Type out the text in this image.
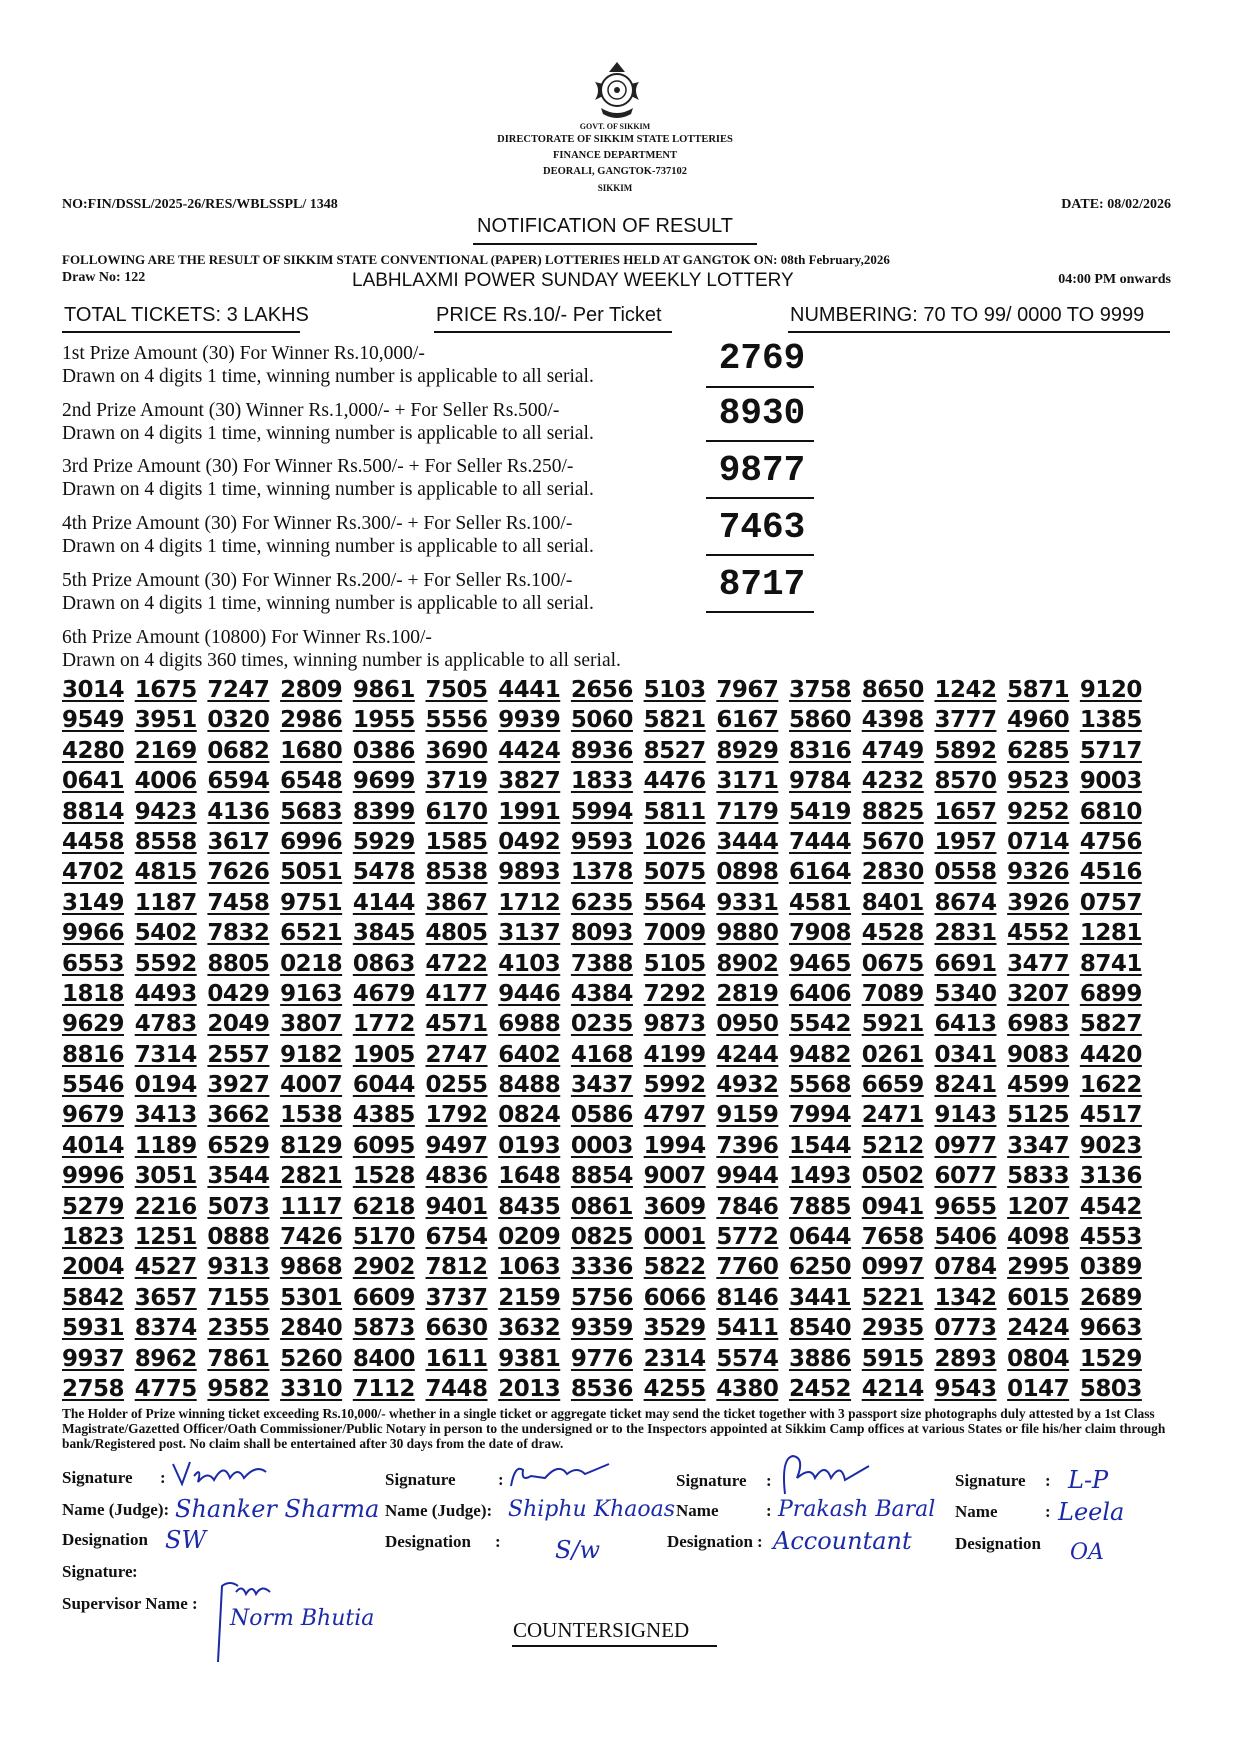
GOVT. OF SIKKIM
DIRECTORATE OF SIKKIM STATE LOTTERIES
FINANCE DEPARTMENT
DEORALI, GANGTOK-737102
SIKKIM
NO:FIN/DSSL/2025-26/RES/WBLSSPL/ 1348	DATE: 08/02/2026
NOTIFICATION OF RESULT
FOLLOWING ARE THE RESULT OF SIKKIM STATE CONVENTIONAL (PAPER) LOTTERIES HELD AT GANGTOK ON: 08th February,2026
Draw No: 122	LABHLAXMI POWER SUNDAY WEEKLY LOTTERY	04:00 PM onwards
TOTAL TICKETS: 3 LAKHS	PRICE Rs.10/- Per Ticket	NUMBERING: 70 TO 99/ 0000 TO 9999
1st Prize Amount (30) For Winner Rs.10,000/-
Drawn on 4 digits 1 time, winning number is applicable to all serial.	2769
2nd Prize Amount (30) Winner Rs.1,000/- + For Seller Rs.500/-
Drawn on 4 digits 1 time, winning number is applicable to all serial.	8930
3rd Prize Amount (30) For Winner Rs.500/- + For Seller Rs.250/-
Drawn on 4 digits 1 time, winning number is applicable to all serial.	9877
4th Prize Amount (30) For Winner Rs.300/- + For Seller Rs.100/-
Drawn on 4 digits 1 time, winning number is applicable to all serial.	7463
5th Prize Amount (30) For Winner Rs.200/- + For Seller Rs.100/-
Drawn on 4 digits 1 time, winning number is applicable to all serial.	8717
6th Prize Amount (10800) For Winner Rs.100/-
Drawn on 4 digits 360 times, winning number is applicable to all serial.
3014 1675 7247 2809 9861 7505 4441 2656 5103 7967 3758 8650 1242 5871 9120
9549 3951 0320 2986 1955 5556 9939 5060 5821 6167 5860 4398 3777 4960 1385
4280 2169 0682 1680 0386 3690 4424 8936 8527 8929 8316 4749 5892 6285 5717
0641 4006 6594 6548 9699 3719 3827 1833 4476 3171 9784 4232 8570 9523 9003
8814 9423 4136 5683 8399 6170 1991 5994 5811 7179 5419 8825 1657 9252 6810
4458 8558 3617 6996 5929 1585 0492 9593 1026 3444 7444 5670 1957 0714 4756
4702 4815 7626 5051 5478 8538 9893 1378 5075 0898 6164 2830 0558 9326 4516
3149 1187 7458 9751 4144 3867 1712 6235 5564 9331 4581 8401 8674 3926 0757
9966 5402 7832 6521 3845 4805 3137 8093 7009 9880 7908 4528 2831 4552 1281
6553 5592 8805 0218 0863 4722 4103 7388 5105 8902 9465 0675 6691 3477 8741
1818 4493 0429 9163 4679 4177 9446 4384 7292 2819 6406 7089 5340 3207 6899
9629 4783 2049 3807 1772 4571 6988 0235 9873 0950 5542 5921 6413 6983 5827
8816 7314 2557 9182 1905 2747 6402 4168 4199 4244 9482 0261 0341 9083 4420
5546 0194 3927 4007 6044 0255 8488 3437 5992 4932 5568 6659 8241 4599 1622
9679 3413 3662 1538 4385 1792 0824 0586 4797 9159 7994 2471 9143 5125 4517
4014 1189 6529 8129 6095 9497 0193 0003 1994 7396 1544 5212 0977 3347 9023
9996 3051 3544 2821 1528 4836 1648 8854 9007 9944 1493 0502 6077 5833 3136
5279 2216 5073 1117 6218 9401 8435 0861 3609 7846 7885 0941 9655 1207 4542
1823 1251 0888 7426 5170 6754 0209 0825 0001 5772 0644 7658 5406 4098 4553
2004 4527 9313 9868 2902 7812 1063 3336 5822 7760 6250 0997 0784 2995 0389
5842 3657 7155 5301 6609 3737 2159 5756 6066 8146 3441 5221 1342 6015 2689
5931 8374 2355 2840 5873 6630 3632 9359 3529 5411 8540 2935 0773 2424 9663
9937 8962 7861 5260 8400 1611 9381 9776 2314 5574 3886 5915 2893 0804 1529
2758 4775 9582 3310 7112 7448 2013 8536 4255 4380 2452 4214 9543 0147 5803
The Holder of Prize winning ticket exceeding Rs.10,000/- whether in a single ticket or aggregate ticket may send the ticket together with 3 passport size photographs duly attested by a 1st Class Magistrate/Gazetted Officer/Oath Commissioner/Public Notary in person to the undersigned or to the Inspectors appointed at Sikkim Camp offices at various States or file his/her claim through bank/Registered post. No claim shall be entertained after 30 days from the date of draw.
Signature :
Name (Judge): Shanker Sharma
Designation SW
Signature :
Supervisor Name :
Norm Bhutia
Signature :
Name (Judge): Shiphu Khaoas
Designation : S/w
Signature :
Name	: Prakash Baral
Designation : Accountant
Signature : L-P
Name	: Leela
Designation OA
COUNTERSIGNED
